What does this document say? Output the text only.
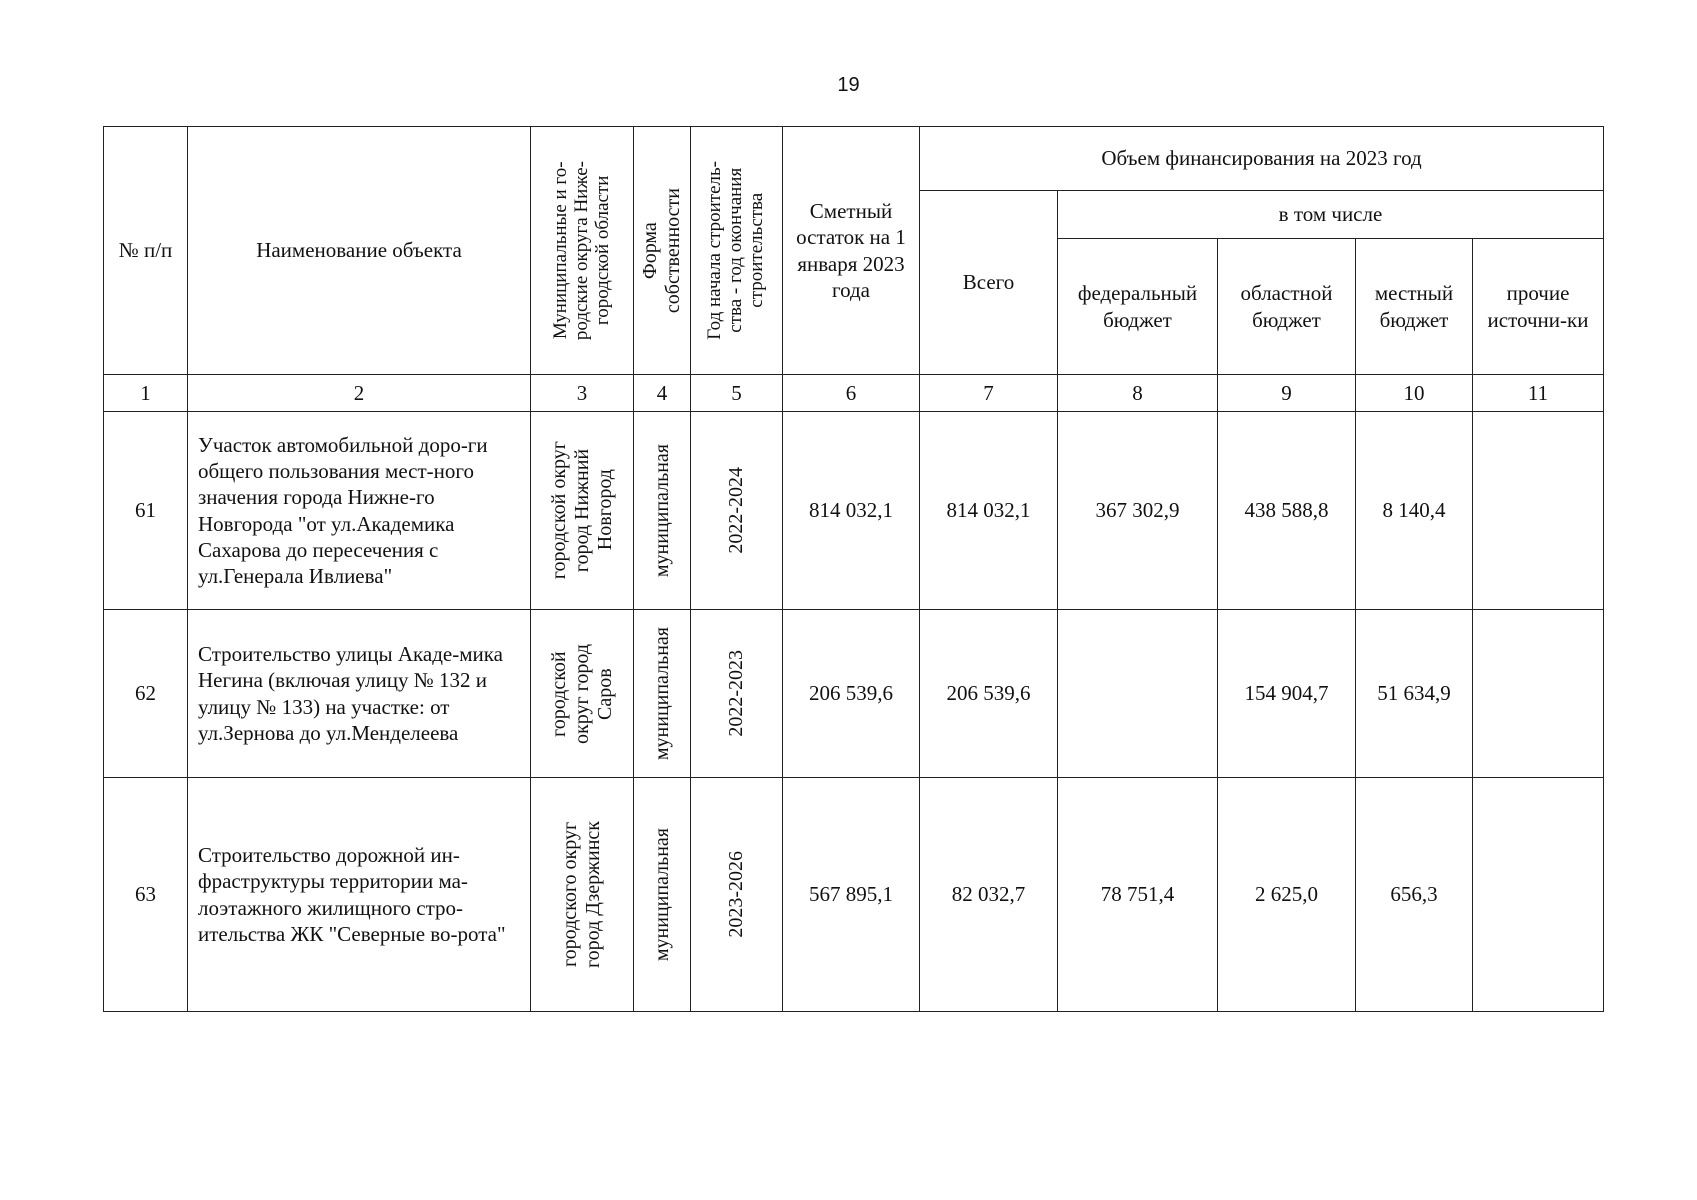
19
№ п/п	Наименование объекта	Муниципальные и го-
родские округа Ниже-
городской области	Форма
собственности	Год начала строитель-
ства - год окончания
строительства	Сметный остаток на 1 января 2023 года	Объем финансирования на 2023 год				
						Всего	в том числе			
							федеральный бюджет	областной бюджет	местный бюджет	прочие источни-ки
1	2	3	4	5	6	7	8	9	10	11
61	Участок автомобильной доро-ги общего пользования мест-ного значения города Нижне-го Новгорода "от ул.Академика Сахарова до пересечения с ул.Генерала Ивлиева"	городской округ
город Нижний
Новгород	муниципальная	2022-2024	814 032,1	814 032,1	367 302,9	438 588,8	8 140,4	
62	Строительство улицы Акаде-мика Негина (включая улицу № 132 и улицу № 133) на участке: от ул.Зернова до ул.Менделеева	городской
округ город
Саров	муниципальная	2022-2023	206 539,6	206 539,6		154 904,7	51 634,9	
63	Строительство дорожной ин-фраструктуры территории ма-лоэтажного жилищного стро-ительства ЖК "Северные во-рота"	городского округ
город Дзержинск	муниципальная	2023-2026	567 895,1	82 032,7	78 751,4	2 625,0	656,3	
